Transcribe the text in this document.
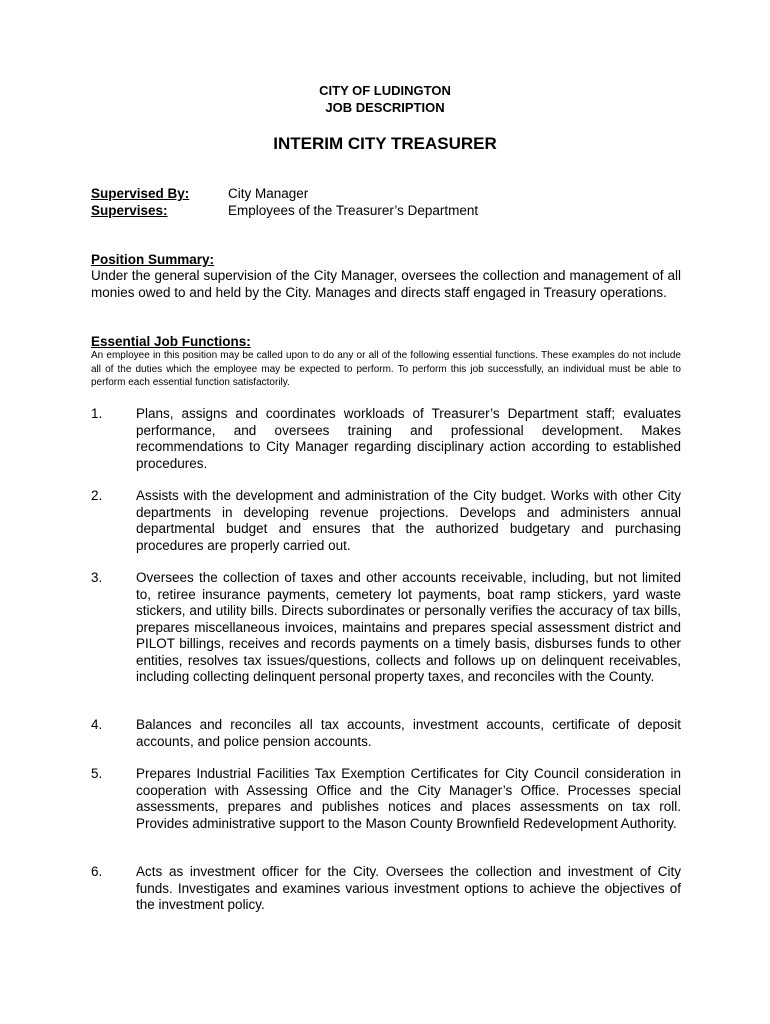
CITY OF LUDINGTON
JOB DESCRIPTION
INTERIM CITY TREASURER
Supervised By:	City Manager
Supervises:	Employees of the Treasurer’s Department
Position Summary:
Under the general supervision of the City Manager, oversees the collection and management of all monies owed to and held by the City. Manages and directs staff engaged in Treasury operations.
Essential Job Functions:
An employee in this position may be called upon to do any or all of the following essential functions. These examples do not include all of the duties which the employee may be expected to perform. To perform this job successfully, an individual must be able to perform each essential function satisfactorily.
1. Plans, assigns and coordinates workloads of Treasurer’s Department staff; evaluates performance, and oversees training and professional development. Makes recommendations to City Manager regarding disciplinary action according to established procedures.
2. Assists with the development and administration of the City budget. Works with other City departments in developing revenue projections. Develops and administers annual departmental budget and ensures that the authorized budgetary and purchasing procedures are properly carried out.
3. Oversees the collection of taxes and other accounts receivable, including, but not limited to, retiree insurance payments, cemetery lot payments, boat ramp stickers, yard waste stickers, and utility bills. Directs subordinates or personally verifies the accuracy of tax bills, prepares miscellaneous invoices, maintains and prepares special assessment district and PILOT billings, receives and records payments on a timely basis, disburses funds to other entities, resolves tax issues/questions, collects and follows up on delinquent receivables, including collecting delinquent personal property taxes, and reconciles with the County.
4. Balances and reconciles all tax accounts, investment accounts, certificate of deposit accounts, and police pension accounts.
5. Prepares Industrial Facilities Tax Exemption Certificates for City Council consideration in cooperation with Assessing Office and the City Manager’s Office. Processes special assessments, prepares and publishes notices and places assessments on tax roll. Provides administrative support to the Mason County Brownfield Redevelopment Authority.
6. Acts as investment officer for the City. Oversees the collection and investment of City funds. Investigates and examines various investment options to achieve the objectives of the investment policy.
